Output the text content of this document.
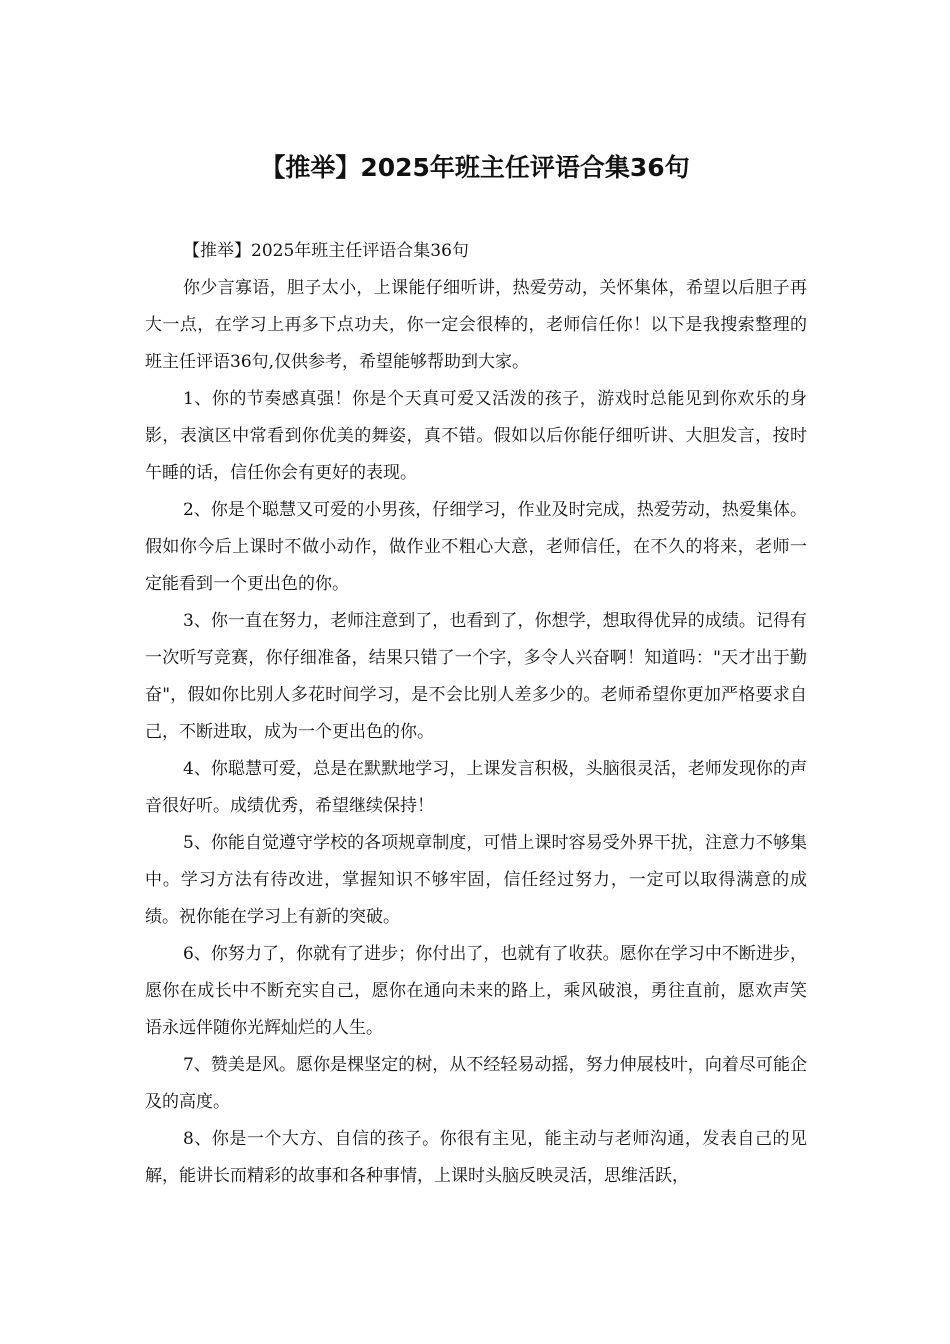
【推举】2025年班主任评语合集36句

【推举】2025年班主任评语合集36句

你少言寡语，胆子太小，上课能仔细听讲，热爱劳动，关怀集体，希望以后胆子再大一点，在学习上再多下点功夫，你一定会很棒的，老师信任你！以下是我搜索整理的班主任评语36句,仅供参考，希望能够帮助到大家。

1、你的节奏感真强！你是个天真可爱又活泼的孩子，游戏时总能见到你欢乐的身影，表演区中常看到你优美的舞姿，真不错。假如以后你能仔细听讲、大胆发言，按时午睡的话，信任你会有更好的表现。

2、你是个聪慧又可爱的小男孩，仔细学习，作业及时完成，热爱劳动，热爱集体。假如你今后上课时不做小动作，做作业不粗心大意，老师信任，在不久的将来，老师一定能看到一个更出色的你。

3、你一直在努力，老师注意到了，也看到了，你想学，想取得优异的成绩。记得有一次听写竞赛，你仔细准备，结果只错了一个字，多令人兴奋啊！知道吗："天才出于勤奋"，假如你比别人多花时间学习，是不会比别人差多少的。老师希望你更加严格要求自己，不断进取，成为一个更出色的你。

4、你聪慧可爱，总是在默默地学习，上课发言积极，头脑很灵活，老师发现你的声音很好听。成绩优秀，希望继续保持！

5、你能自觉遵守学校的各项规章制度，可惜上课时容易受外界干扰，注意力不够集中。学习方法有待改进，掌握知识不够牢固，信任经过努力，一定可以取得满意的成绩。祝你能在学习上有新的突破。

6、你努力了，你就有了进步；你付出了，也就有了收获。愿你在学习中不断进步，愿你在成长中不断充实自己，愿你在通向未来的路上，乘风破浪，勇往直前，愿欢声笑语永远伴随你光辉灿烂的人生。

7、赞美是风。愿你是棵坚定的树，从不经轻易动摇，努力伸展枝叶，向着尽可能企及的高度。

8、你是一个大方、自信的孩子。你很有主见，能主动与老师沟通，发表自己的见解，能讲长而精彩的故事和各种事情，上课时头脑反映灵活，思维活跃，
